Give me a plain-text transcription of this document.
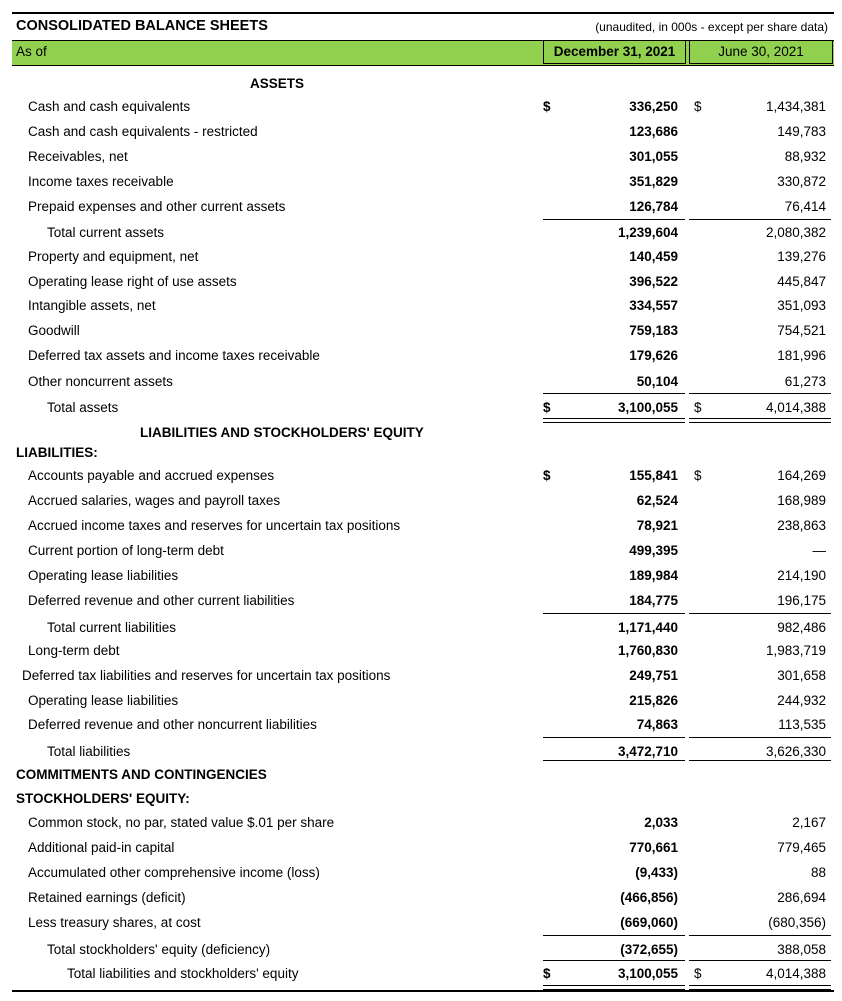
CONSOLIDATED BALANCE SHEETS	(unaudited, in 000s - except per share data)
As of	December 31, 2021	June 30, 2021
ASSETS
Cash and cash equivalents	$	336,250 $	1,434,381
Cash and cash equivalents - restricted	123,686	149,783
Receivables, net	301,055	88,932
Income taxes receivable	351,829	330,872
Prepaid expenses and other current assets	126,784	76,414
Total current assets	1,239,604	2,080,382
Property and equipment, net	140,459	139,276
Operating lease right of use assets	396,522	445,847
Intangible assets, net	334,557	351,093
Goodwill	759,183	754,521
Deferred tax assets and income taxes receivable	179,626	181,996
Other noncurrent assets	50,104	61,273
Total assets	$	3,100,055 $	4,014,388
LIABILITIES AND STOCKHOLDERS' EQUITY
LIABILITIES:
Accounts payable and accrued expenses	$	155,841 $	164,269
Accrued salaries, wages and payroll taxes	62,524	168,989
Accrued income taxes and reserves for uncertain tax positions	78,921	238,863
Current portion of long-term debt	499,395	—
Operating lease liabilities	189,984	214,190
Deferred revenue and other current liabilities	184,775	196,175
Total current liabilities	1,171,440	982,486
Long-term debt	1,760,830	1,983,719
Deferred tax liabilities and reserves for uncertain tax positions	249,751	301,658
Operating lease liabilities	215,826	244,932
Deferred revenue and other noncurrent liabilities	74,863	113,535
Total liabilities	3,472,710	3,626,330
COMMITMENTS AND CONTINGENCIES
STOCKHOLDERS' EQUITY:
Common stock, no par, stated value $.01 per share	2,033	2,167
Additional paid-in capital	770,661	779,465
Accumulated other comprehensive income (loss)	(9,433)	88
Retained earnings (deficit)	(466,856)	286,694
Less treasury shares, at cost	(669,060)	(680,356)
Total stockholders' equity (deficiency)	(372,655)	388,058
Total liabilities and stockholders' equity	$	3,100,055 $	4,014,388
